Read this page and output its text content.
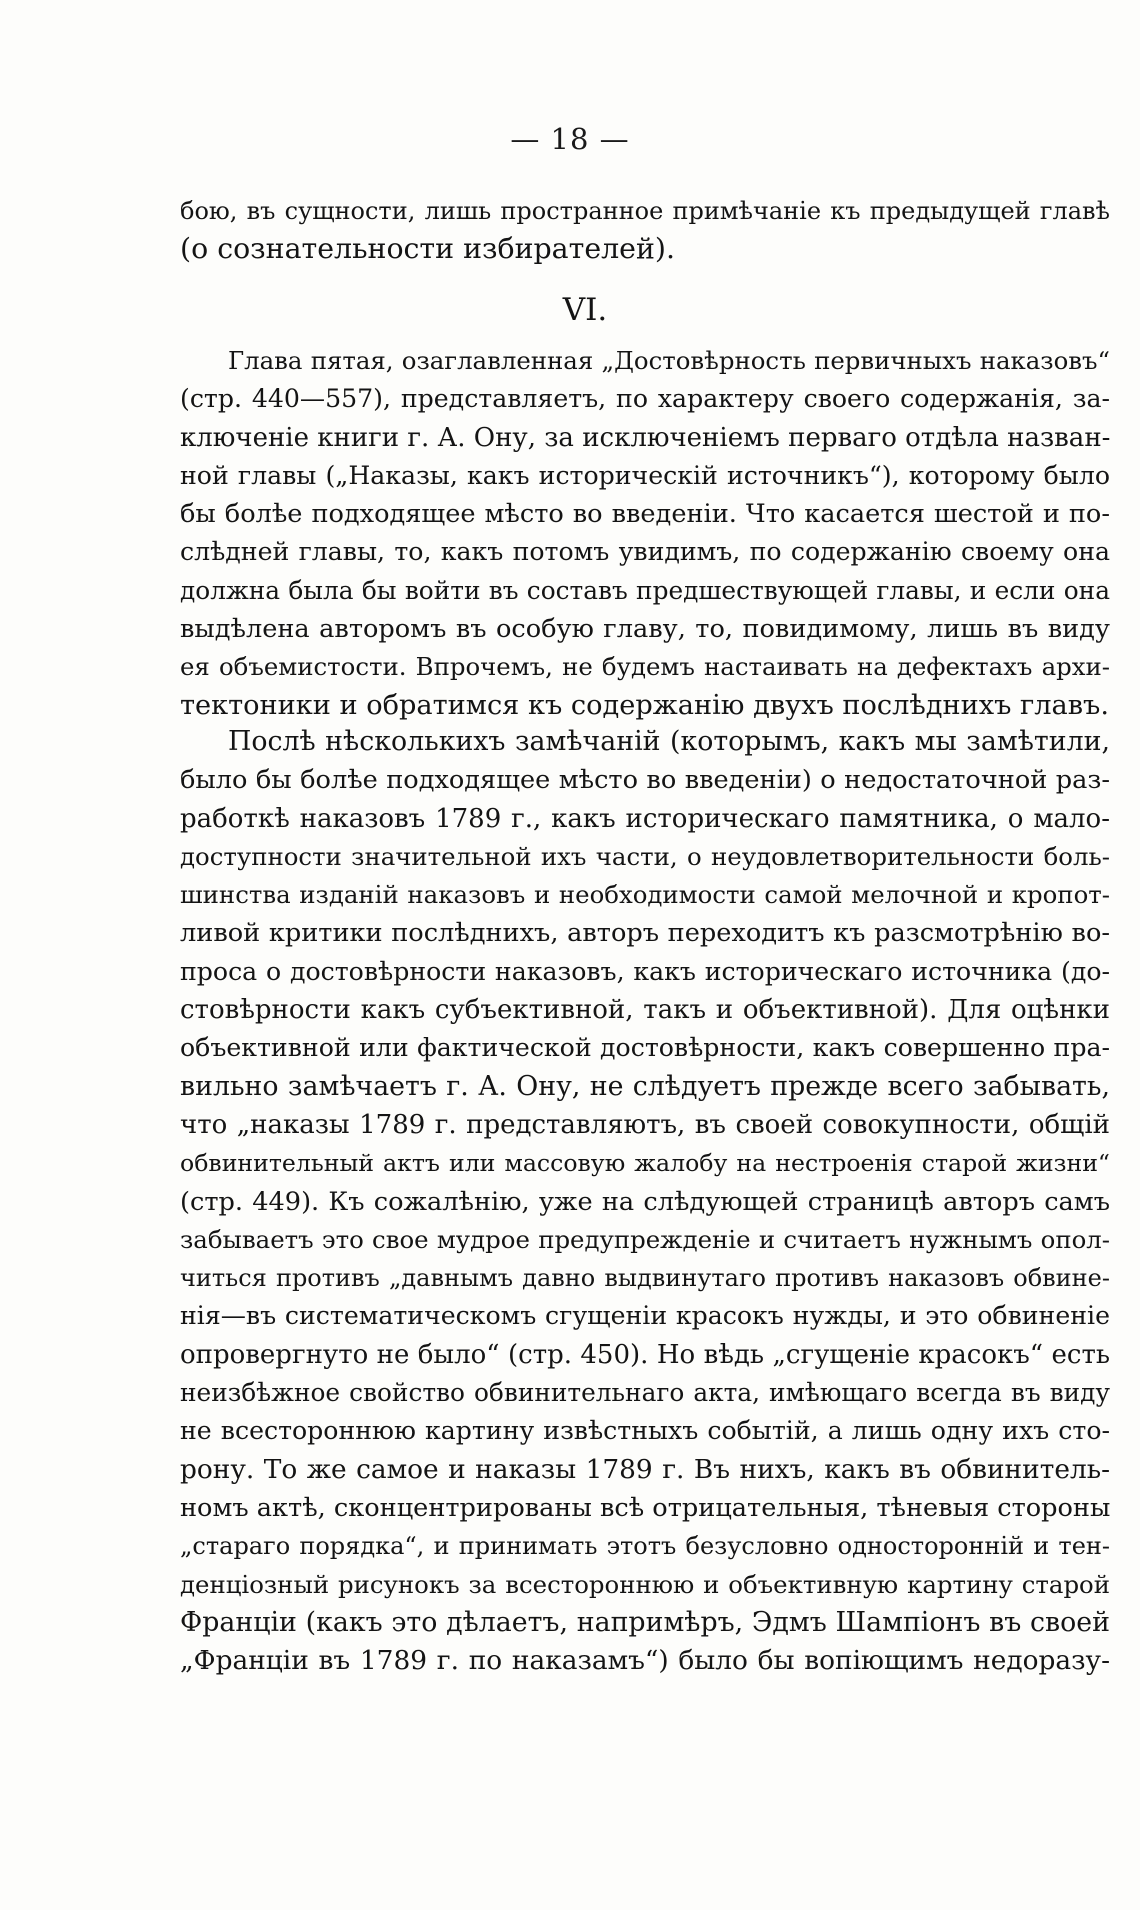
— 18 —
бою, въ сущности, лишь пространное примѣчаніе къ предыдущей главѣ
(о сознательности избирателей).
VI.
Глава пятая, озаглавленная „Достовѣрность первичныхъ наказовъ“
(стр. 440—557), представляетъ, по характеру своего содержанія, за-
ключеніе книги г. А. Ону, за исключеніемъ перваго отдѣла назван-
ной главы („Наказы, какъ историческій источникъ“), которому было
бы болѣе подходящее мѣсто во введеніи. Что касается шестой и по-
слѣдней главы, то, какъ потомъ увидимъ, по содержанію своему она
должна была бы войти въ составъ предшествующей главы, и если она
выдѣлена авторомъ въ особую главу, то, повидимому, лишь въ виду
ея объемистости. Впрочемъ, не будемъ настаивать на дефектахъ архи-
тектоники и обратимся къ содержанію двухъ послѣднихъ главъ.
Послѣ нѣсколькихъ замѣчаній (которымъ, какъ мы замѣтили,
было бы болѣе подходящее мѣсто во введеніи) о недостаточной раз-
работкѣ наказовъ 1789 г., какъ историческаго памятника, о мало-
доступности значительной ихъ части, о неудовлетворительности боль-
шинства изданій наказовъ и необходимости самой мелочной и кропот-
ливой критики послѣднихъ, авторъ переходитъ къ разсмотрѣнію во-
проса о достовѣрности наказовъ, какъ историческаго источника (до-
стовѣрности какъ субъективной, такъ и объективной). Для оцѣнки
объективной или фактической достовѣрности, какъ совершенно пра-
вильно замѣчаетъ г. А. Ону, не слѣдуетъ прежде всего забывать,
что „наказы 1789 г. представляютъ, въ своей совокупности, общій
обвинительный актъ или массовую жалобу на нестроенія старой жизни“
(стр. 449). Къ сожалѣнію, уже на слѣдующей страницѣ авторъ самъ
забываетъ это свое мудрое предупрежденіе и считаетъ нужнымъ опол-
читься противъ „давнымъ давно выдвинутаго противъ наказовъ обвине-
нія—въ систематическомъ сгущеніи красокъ нужды, и это обвиненіе
опровергнуто не было“ (стр. 450). Но вѣдь „сгущеніе красокъ“ есть
неизбѣжное свойство обвинительнаго акта, имѣющаго всегда въ виду
не всестороннюю картину извѣстныхъ событій, а лишь одну ихъ сто-
рону. То же самое и наказы 1789 г. Въ нихъ, какъ въ обвинитель-
номъ актѣ, сконцентрированы всѣ отрицательныя, тѣневыя стороны
„стараго порядка“, и принимать этотъ безусловно односторонній и тен-
денціозный рисунокъ за всестороннюю и объективную картину старой
Франціи (какъ это дѣлаетъ, напримѣръ, Эдмъ Шампіонъ въ своей
„Франціи въ 1789 г. по наказамъ“) было бы вопіющимъ недоразу-
